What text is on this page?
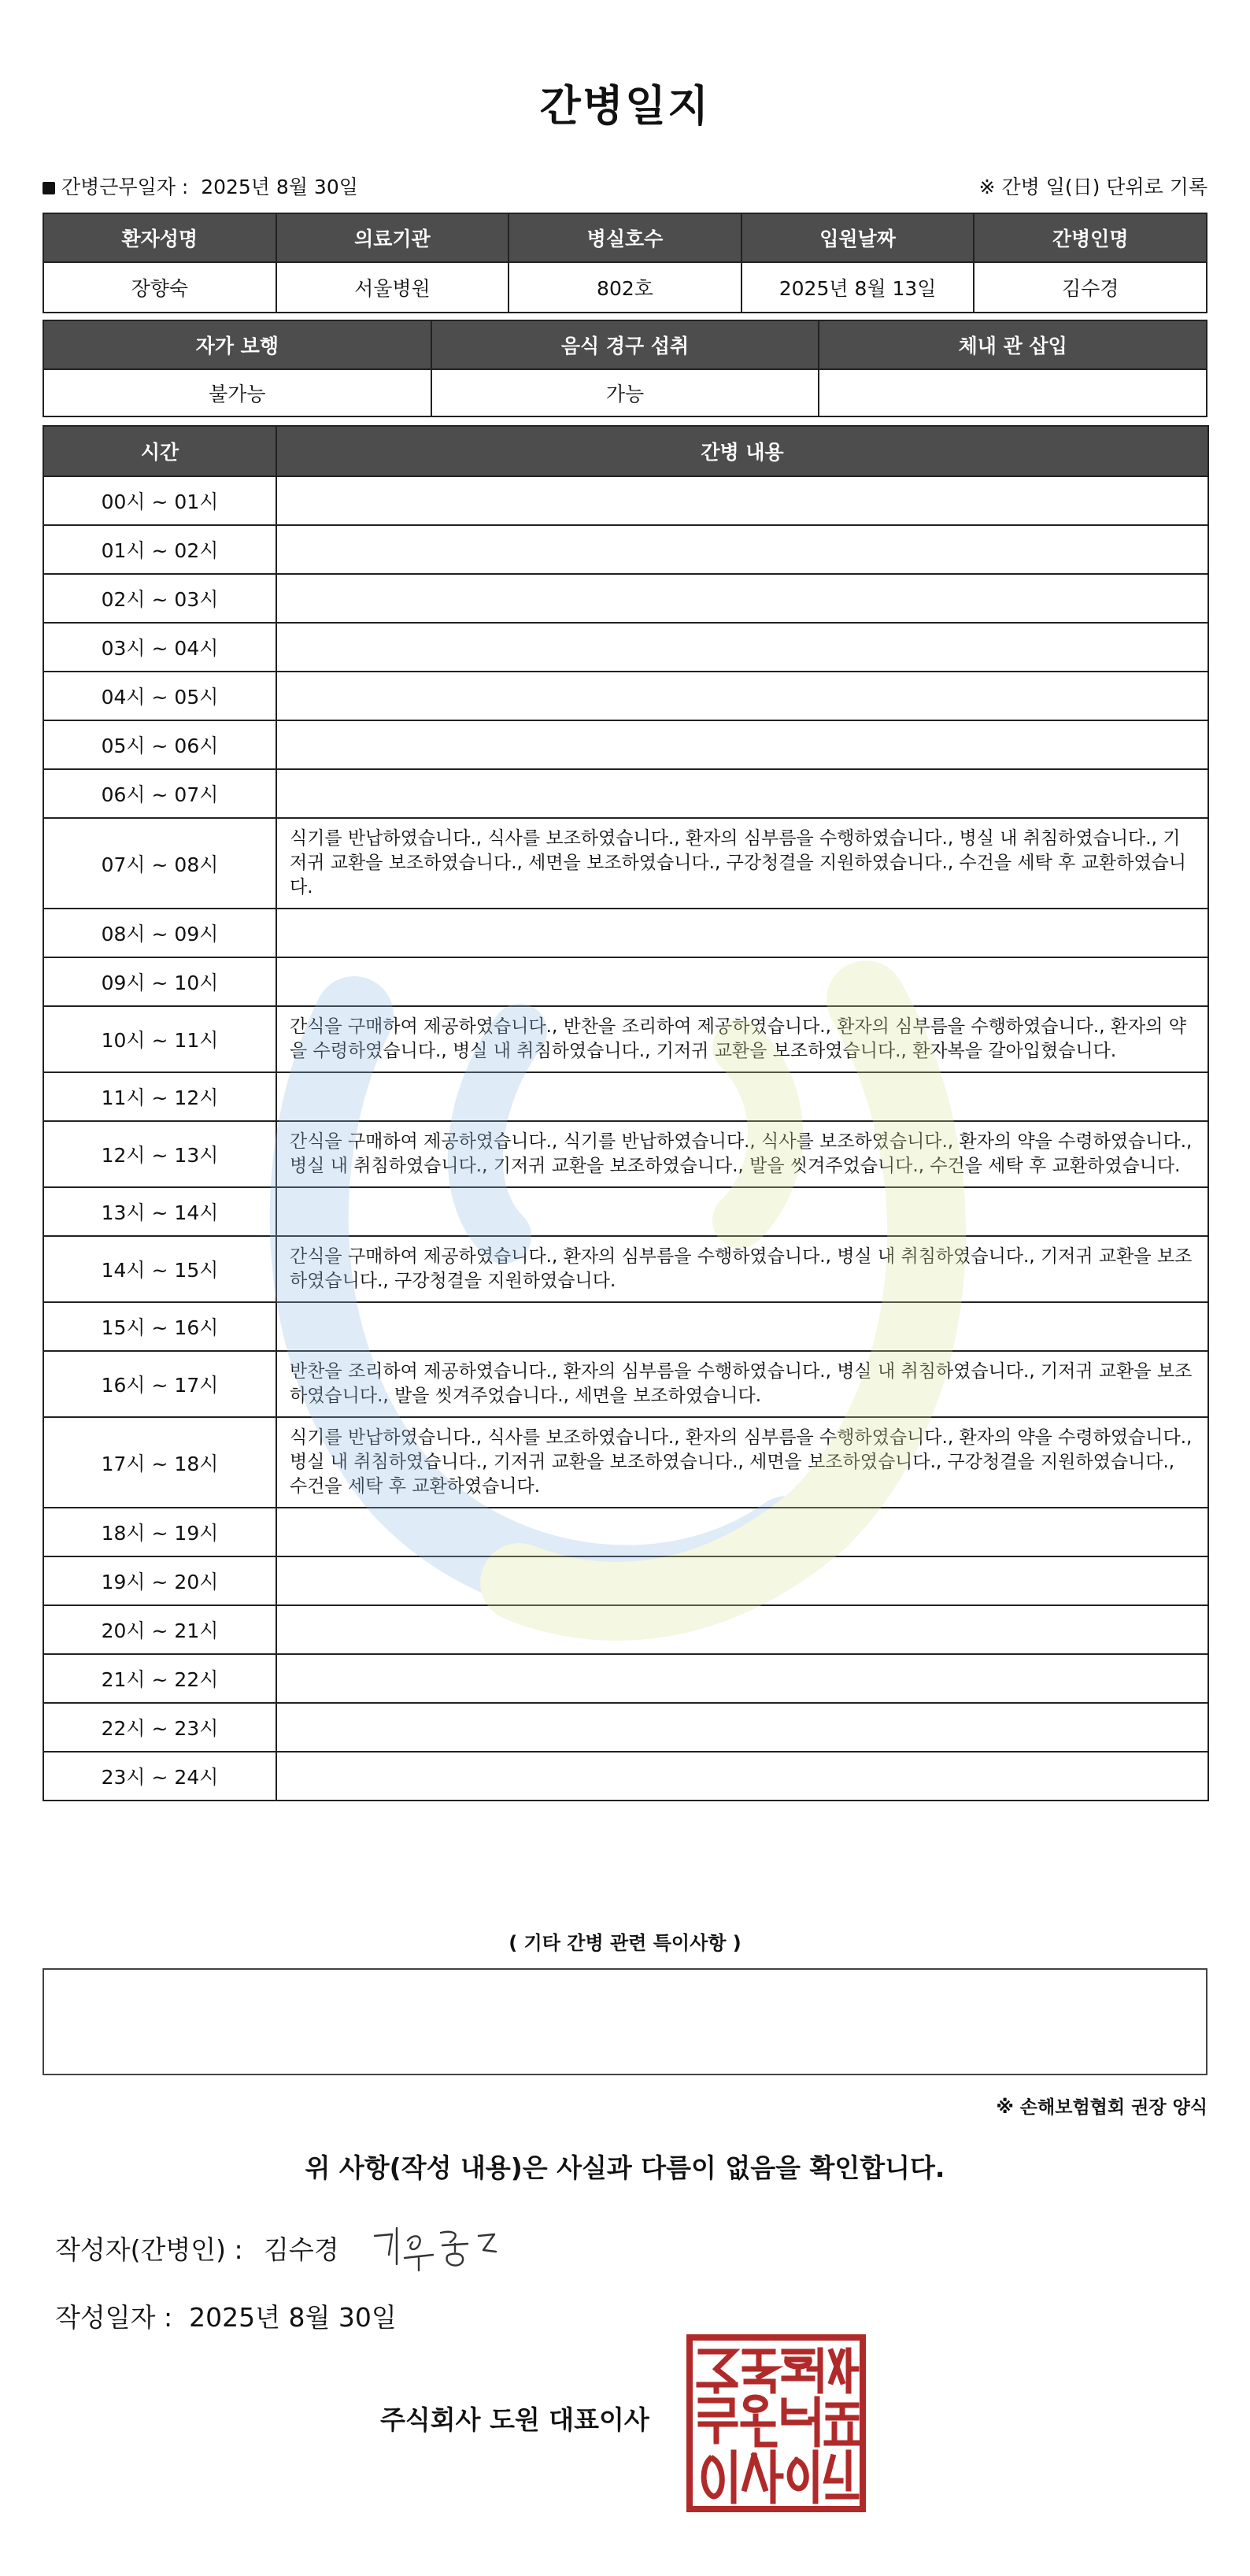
간병일지
간병근무일자 : 2025년 8월 30일	※ 간병 일(日) 단위로 기록
환자성명	의료기관	병실호수	입원날짜	간병인명
장향숙	서울병원	802호	2025년 8월 13일	김수경
자가 보행	음식 경구 섭취	체내 관 삽입
불가능	가능	
시간	간병 내용
00시 ~ 01시	
01시 ~ 02시	
02시 ~ 03시	
03시 ~ 04시	
04시 ~ 05시	
05시 ~ 06시	
06시 ~ 07시	
07시 ~ 08시	식기를 반납하였습니다., 식사를 보조하였습니다., 환자의 심부름을 수행하였습니다., 병실 내 취침하였습니다., 기저귀 교환을 보조하였습니다., 세면을 보조하였습니다., 구강청결을 지원하였습니다., 수건을 세탁 후 교환하였습니다.
08시 ~ 09시	
09시 ~ 10시	
10시 ~ 11시	간식을 구매하여 제공하였습니다., 반찬을 조리하여 제공하였습니다., 환자의 심부름을 수행하였습니다., 환자의 약을 수령하였습니다., 병실 내 취침하였습니다., 기저귀 교환을 보조하였습니다., 환자복을 갈아입혔습니다.
11시 ~ 12시	
12시 ~ 13시	간식을 구매하여 제공하였습니다., 식기를 반납하였습니다., 식사를 보조하였습니다., 환자의 약을 수령하였습니다., 병실 내 취침하였습니다., 기저귀 교환을 보조하였습니다., 발을 씻겨주었습니다., 수건을 세탁 후 교환하였습니다.
13시 ~ 14시	
14시 ~ 15시	간식을 구매하여 제공하였습니다., 환자의 심부름을 수행하였습니다., 병실 내 취침하였습니다., 기저귀 교환을 보조하였습니다., 구강청결을 지원하였습니다.
15시 ~ 16시	
16시 ~ 17시	반찬을 조리하여 제공하였습니다., 환자의 심부름을 수행하였습니다., 병실 내 취침하였습니다., 기저귀 교환을 보조하였습니다., 발을 씻겨주었습니다., 세면을 보조하였습니다.
17시 ~ 18시	식기를 반납하였습니다., 식사를 보조하였습니다., 환자의 심부름을 수행하였습니다., 환자의 약을 수령하였습니다., 병실 내 취침하였습니다., 기저귀 교환을 보조하였습니다., 세면을 보조하였습니다., 구강청결을 지원하였습니다., 수건을 세탁 후 교환하였습니다.
18시 ~ 19시	
19시 ~ 20시	
20시 ~ 21시	
21시 ~ 22시	
22시 ~ 23시	
23시 ~ 24시	
( 기타 간병 관련 특이사항 )
※ 손해보험협회 권장 양식
위 사항(작성 내용)은 사실과 다름이 없음을 확인합니다.
작성자(간병인) : 김수경
작성일자 : 2025년 8월 30일
주식회사 도원 대표이사
